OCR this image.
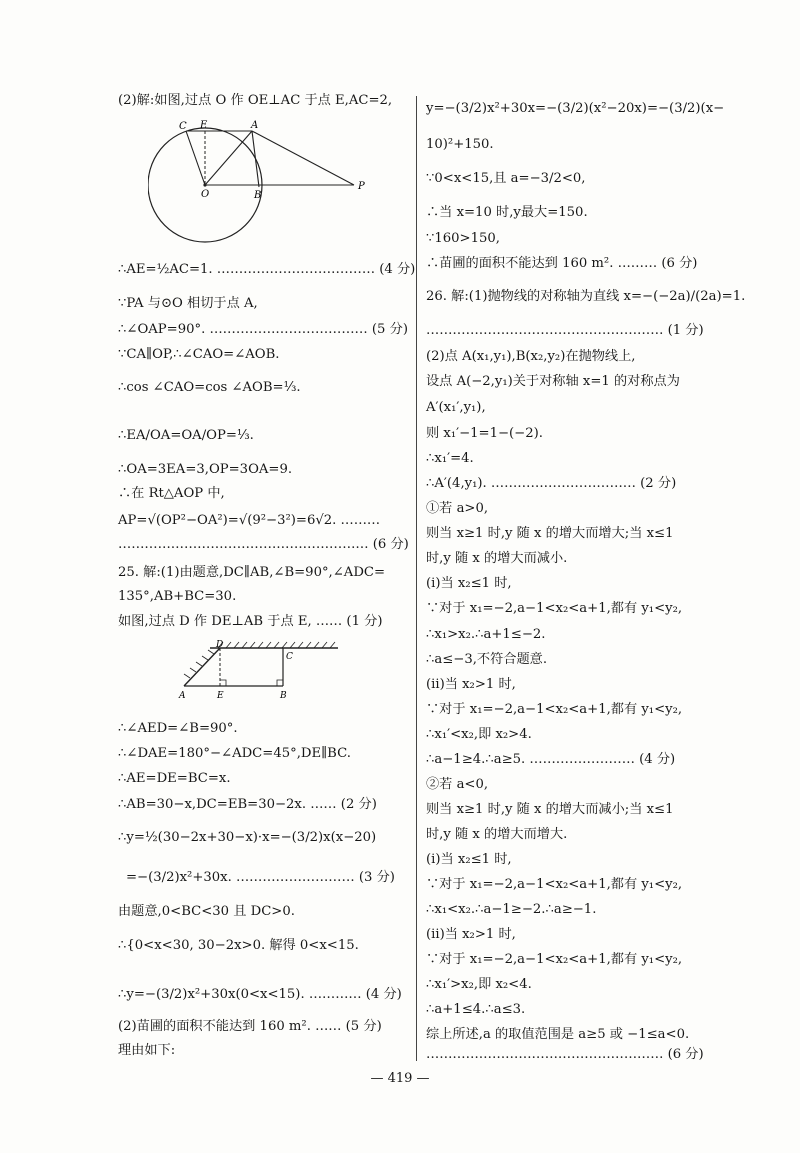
(2)解:如图,过点 O 作 OE⊥AC 于点 E,AC=2,
C E	A
O	B
P
∴AE=½AC=1. ……………………………… (4 分)
∵PA 与⊙O 相切于点 A,
∴∠OAP=90°. ……………………………… (5 分)
∵CA∥OP,∴∠CAO=∠AOB.
∴cos ∠CAO=cos ∠AOB=⅓.
∴EA/OA=OA/OP=⅓.
∴OA=3EA=3,OP=3OA=9.
∴在 Rt△AOP 中,
AP=√(OP²−OA²)=√(9²−3²)=6√2. ………
………………………………………………… (6 分)
25. 解:(1)由题意,DC∥AB,∠B=90°,∠ADC=
135°,AB+BC=30.
如图,过点 D 作 DE⊥AB 于点 E, …… (1 分)
D
C
A	E	B
∴∠AED=∠B=90°.
∴∠DAE=180°−∠ADC=45°,DE∥BC.
∴AE=DE=BC=x.
∴AB=30−x,DC=EB=30−2x. …… (2 分)
∴y=½(30−2x+30−x)·x=−(3/2)x(x−20)
=−(3/2)x²+30x. ……………………… (3 分)
由题意,0<BC<30 且 DC>0.
∴{0<x<30, 30−2x>0. 解得 0<x<15.
∴y=−(3/2)x²+30x(0<x<15). ………… (4 分)
(2)苗圃的面积不能达到 160 m². …… (5 分)
理由如下:
y=−(3/2)x²+30x=−(3/2)(x²−20x)=−(3/2)(x−
10)²+150.
∵0<x<15,且 a=−3/2<0,
∴当 x=10 时,y最大=150.
∵160>150,
∴苗圃的面积不能达到 160 m². ……… (6 分)
26. 解:(1)抛物线的对称轴为直线 x=−(−2a)/(2a)=1.
……………………………………………… (1 分)
(2)点 A(x₁,y₁),B(x₂,y₂)在抛物线上,
设点 A(−2,y₁)关于对称轴 x=1 的对称点为
A′(x₁′,y₁),
则 x₁′−1=1−(−2).
∴x₁′=4.
∴A′(4,y₁). …………………………… (2 分)
①若 a>0,
则当 x≥1 时,y 随 x 的增大而增大;当 x≤1
时,y 随 x 的增大而减小.
(ⅰ)当 x₂≤1 时,
∵对于 x₁=−2,a−1<x₂<a+1,都有 y₁<y₂,
∴x₁>x₂.∴a+1≤−2.
∴a≤−3,不符合题意.
(ⅱ)当 x₂>1 时,
∵对于 x₁=−2,a−1<x₂<a+1,都有 y₁<y₂,
∴x₁′<x₂,即 x₂>4.
∴a−1≥4.∴a≥5. …………………… (4 分)
②若 a<0,
则当 x≥1 时,y 随 x 的增大而减小;当 x≤1
时,y 随 x 的增大而增大.
(ⅰ)当 x₂≤1 时,
∵对于 x₁=−2,a−1<x₂<a+1,都有 y₁<y₂,
∴x₁<x₂.∴a−1≥−2.∴a≥−1.
(ⅱ)当 x₂>1 时,
∵对于 x₁=−2,a−1<x₂<a+1,都有 y₁<y₂,
∴x₁′>x₂,即 x₂<4.
∴a+1≤4.∴a≤3.
综上所述,a 的取值范围是 a≥5 或 −1≤a<0.
……………………………………………… (6 分)
— 419 —
